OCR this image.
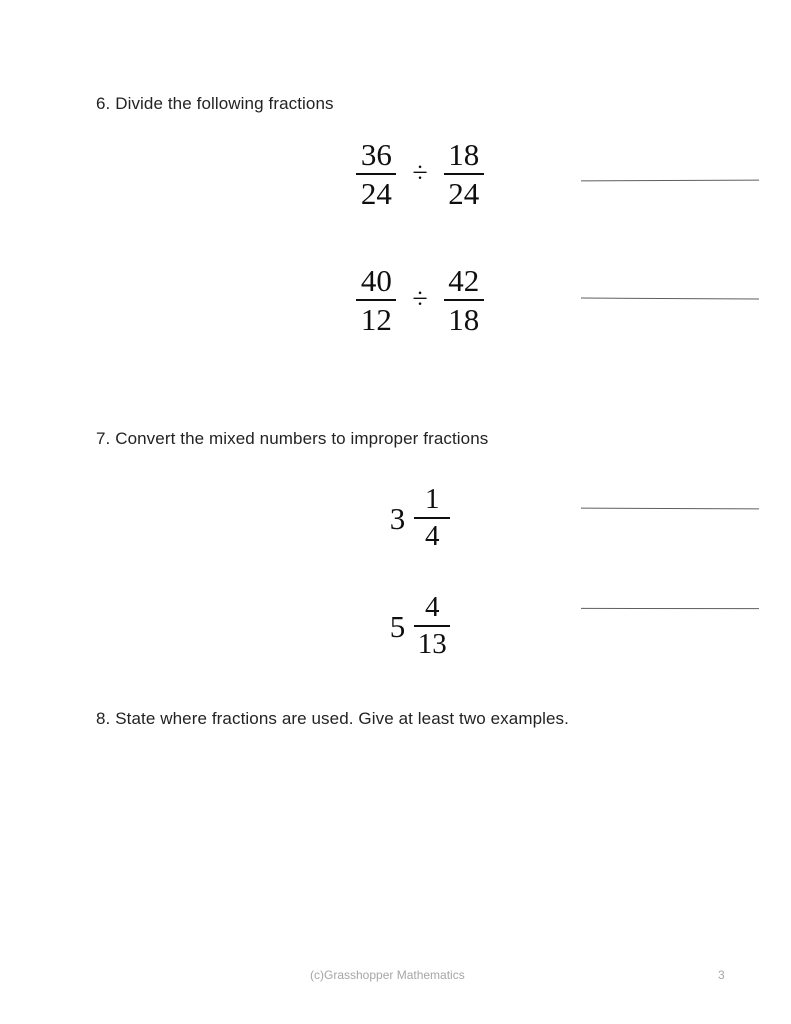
6. Divide the following fractions
$\frac{36}{24} \div \frac{18}{24}$
$\frac{40}{12} \div \frac{42}{18}$
7. Convert the mixed numbers to improper fractions
$3 \frac{1}{4}$
$5 \frac{4}{13}$
8. State where fractions are used. Give at least two examples.
(c)Grasshopper Mathematics	3
